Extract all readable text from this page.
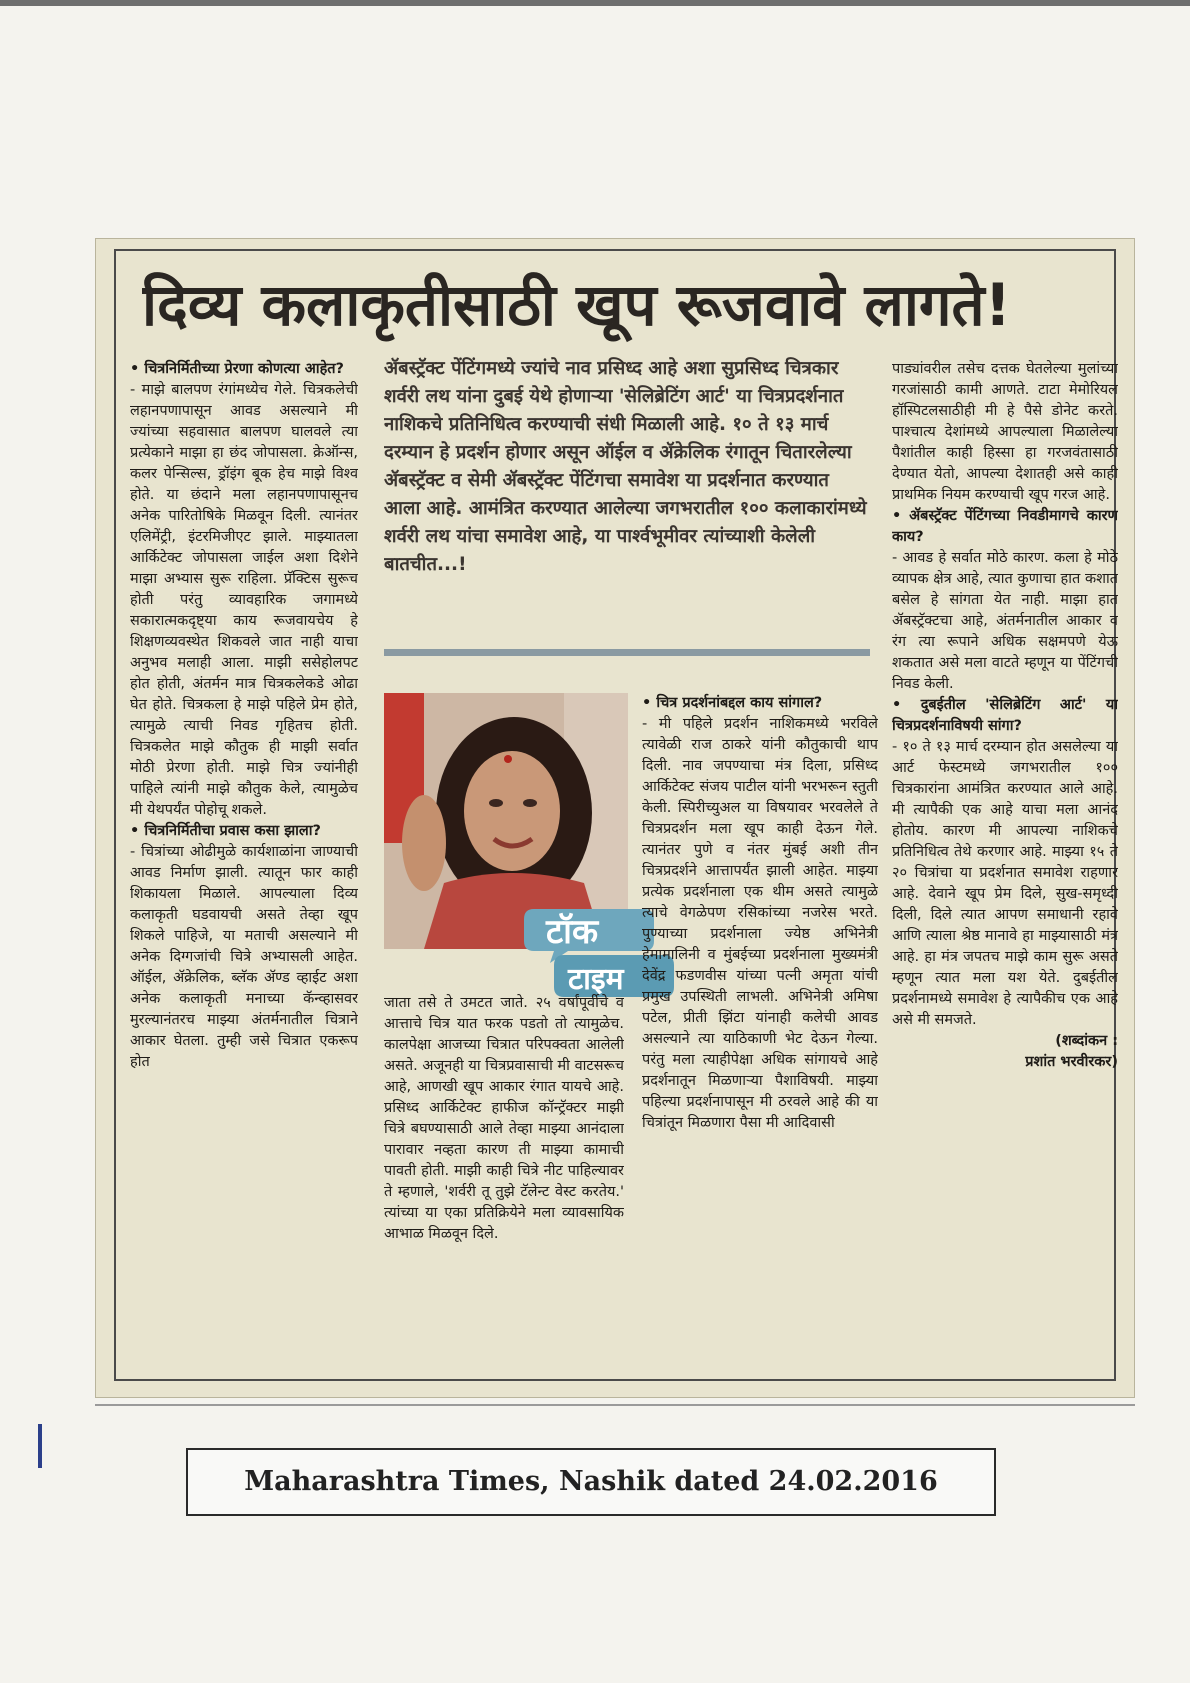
दिव्य कलाकृतीसाठी खूप रूजवावे लागते!

• चित्रनिर्मितीच्या प्रेरणा कोणत्या आहेत?

- माझे बालपण रंगांमध्येच गेले. चित्रकलेची लहानपणापासून आवड असल्याने मी ज्यांच्या सहवासात बालपण घालवले त्या प्रत्येकाने माझा हा छंद जोपासला. क्रेऑन्स, कलर पेन्सिल्स, ड्रॉइंग बूक हेच माझे विश्व होते. या छंदाने मला लहानपणापासूनच अनेक पारितोषिके मिळवून दिली. त्यानंतर एलिमेंट्री, इंटरमिजीएट झाले. माझ्यातला आर्किटेक्ट जोपासला जाईल अशा दिशेने माझा अभ्यास सुरू राहिला. प्रॅक्टिस सुरूच होती परंतु व्यावहारिक जगामध्ये सकारात्मकदृष्ट्या काय रूजवायचेय हे शिक्षणव्यवस्थेत शिकवले जात नाही याचा अनुभव मलाही आला. माझी ससेहोलपट होत होती, अंतर्मन मात्र चित्रकलेकडे ओढा घेत होते. चित्रकला हे माझे पहिले प्रेम होते, त्यामुळे त्याची निवड गृहितच होती. चित्रकलेत माझे कौतुक ही माझी सर्वात मोठी प्रेरणा होती. माझे चित्र ज्यांनीही पाहिले त्यांनी माझे कौतुक केले, त्यामुळेच मी येथपर्यंत पोहोचू शकले.

• चित्रनिर्मितीचा प्रवास कसा झाला?

- चित्रांच्या ओढीमुळे कार्यशाळांना जाण्याची आवड निर्माण झाली. त्यातून फार काही शिकायला मिळाले. आपल्याला दिव्य कलाकृती घडवायची असते तेव्हा खूप शिकले पाहिजे, या मताची असल्याने मी अनेक दिग्गजांची चित्रे अभ्यासली आहेत. ऑईल, ॲक्रेलिक, ब्लॅक ॲण्ड व्हाईट अशा अनेक कलाकृती मनाच्या कॅन्व्हासवर मुरल्यानंतरच माझ्या अंतर्मनातील चित्राने आकार घेतला. तुम्ही जसे चित्रात एकरूप होत

ॲबस्ट्रॅक्ट पेंटिंगमध्ये ज्यांचे नाव प्रसिध्द आहे अशा सुप्रसिध्द चित्रकार शर्वरी लथ यांना दुबई येथे होणाऱ्या 'सेलिब्रेटिंग आर्ट' या चित्रप्रदर्शनात नाशिकचे प्रतिनिधित्व करण्याची संधी मिळाली आहे. १० ते १३ मार्च दरम्यान हे प्रदर्शन होणार असून ऑईल व ॲक्रेलिक रंगातून चितारलेल्या ॲबस्ट्रॅक्ट व सेमी ॲबस्ट्रॅक्ट पेंटिंगचा समावेश या प्रदर्शनात करण्यात आला आहे. आमंत्रित करण्यात आलेल्या जगभरातील १०० कलाकारांमध्ये शर्वरी लथ यांचा समावेश आहे, या पार्श्वभूमीवर त्यांच्याशी केलेली बातचीत...!
टॉक
टाइम
जाता तसे ते उमटत जाते. २५ वर्षांपूर्वीचे व आत्ताचे चित्र यात फरक पडतो तो त्यामुळेच. कालपेक्षा आजच्या चित्रात परिपक्वता आलेली असते. अजूनही या चित्रप्रवासाची मी वाटसरूच आहे, आणखी खूप आकार रंगात यायचे आहे. प्रसिध्द आर्किटेक्ट हाफीज कॉन्ट्रॅक्टर माझी चित्रे बघण्यासाठी आले तेव्हा माझ्या आनंदाला पारावार नव्हता कारण ती माझ्या कामाची पावती होती. माझी काही चित्रे नीट पाहिल्यावर ते म्हणाले, 'शर्वरी तू तुझे टॅलेन्ट वेस्ट करतेय.' त्यांच्या या एका प्रतिक्रियेने मला व्यावसायिक आभाळ मिळवून दिले.

• चित्र प्रदर्शनांबद्दल काय सांगाल?

- मी पहिले प्रदर्शन नाशिकमध्ये भरविले त्यावेळी राज ठाकरे यांनी कौतुकाची थाप दिली. नाव जपण्याचा मंत्र दिला, प्रसिध्द आर्किटेक्ट संजय पाटील यांनी भरभरून स्तुती केली. स्पिरीच्युअल या विषयावर भरवलेले ते चित्रप्रदर्शन मला खूप काही देऊन गेले. त्यानंतर पुणे व नंतर मुंबई अशी तीन चित्रप्रदर्शने आत्तापर्यंत झाली आहेत. माझ्या प्रत्येक प्रदर्शनाला एक थीम असते त्यामुळे त्याचे वेगळेपण रसिकांच्या नजरेस भरते. पुण्याच्या प्रदर्शनाला ज्येष्ठ अभिनेत्री हेमामालिनी व मुंबईच्या प्रदर्शनाला मुख्यमंत्री देवेंद्र फडणवीस यांच्या पत्नी अमृता यांची प्रमुख उपस्थिती लाभली. अभिनेत्री अमिषा पटेल, प्रीती झिंटा यांनाही कलेची आवड असल्याने त्या याठिकाणी भेट देऊन गेल्या. परंतु मला त्याहीपेक्षा अधिक सांगायचे आहे प्रदर्शनातून मिळणाऱ्या पैशाविषयी. माझ्या पहिल्या प्रदर्शनापासून मी ठरवले आहे की या चित्रांतून मिळणारा पैसा मी आदिवासी

पाड्यांवरील तसेच दत्तक घेतलेल्या मुलांच्या गरजांसाठी कामी आणते. टाटा मेमोरियल हॉस्पिटलसाठीही मी हे पैसे डोनेट करते. पाश्चात्य देशांमध्ये आपल्याला मिळालेल्या पैशांतील काही हिस्सा हा गरजवंतासाठी देण्यात येतो, आपल्या देशातही असे काही प्राथमिक नियम करण्याची खूप गरज आहे.

• ॲबस्ट्रॅक्ट पेंटिंगच्या निवडीमागचे कारण काय?

- आवड हे सर्वात मोठे कारण. कला हे मोठे व्यापक क्षेत्र आहे, त्यात कुणाचा हात कशात बसेल हे सांगता येत नाही. माझा हात ॲबस्ट्रॅक्टचा आहे, अंतर्मनातील आकार व रंग त्या रूपाने अधिक सक्षमपणे येऊ शकतात असे मला वाटते म्हणून या पेंटिंगची निवड केली.

• दुबईतील 'सेलिब्रेटिंग आर्ट' या चित्रप्रदर्शनाविषयी सांगा?

- १० ते १३ मार्च दरम्यान होत असलेल्या या आर्ट फेस्टमध्ये जगभरातील १०० चित्रकारांना आमंत्रित करण्यात आले आहे. मी त्यापैकी एक आहे याचा मला आनंद होतोय. कारण मी आपल्या नाशिकचे प्रतिनिधित्व तेथे करणार आहे. माझ्या १५ ते २० चित्रांचा या प्रदर्शनात समावेश राहणार आहे. देवाने खूप प्रेम दिले, सुख-समृध्दी दिली, दिले त्यात आपण समाधानी रहावे आणि त्याला श्रेष्ठ मानावे हा माझ्यासाठी मंत्र आहे. हा मंत्र जपतच माझे काम सुरू असते म्हणून त्यात मला यश येते. दुबईतील प्रदर्शनामध्ये समावेश हे त्यापैकीच एक आहे असे मी समजते.

(शब्दांकन :

प्रशांत भरवीरकर)

Maharashtra Times, Nashik dated 24.02.2016
